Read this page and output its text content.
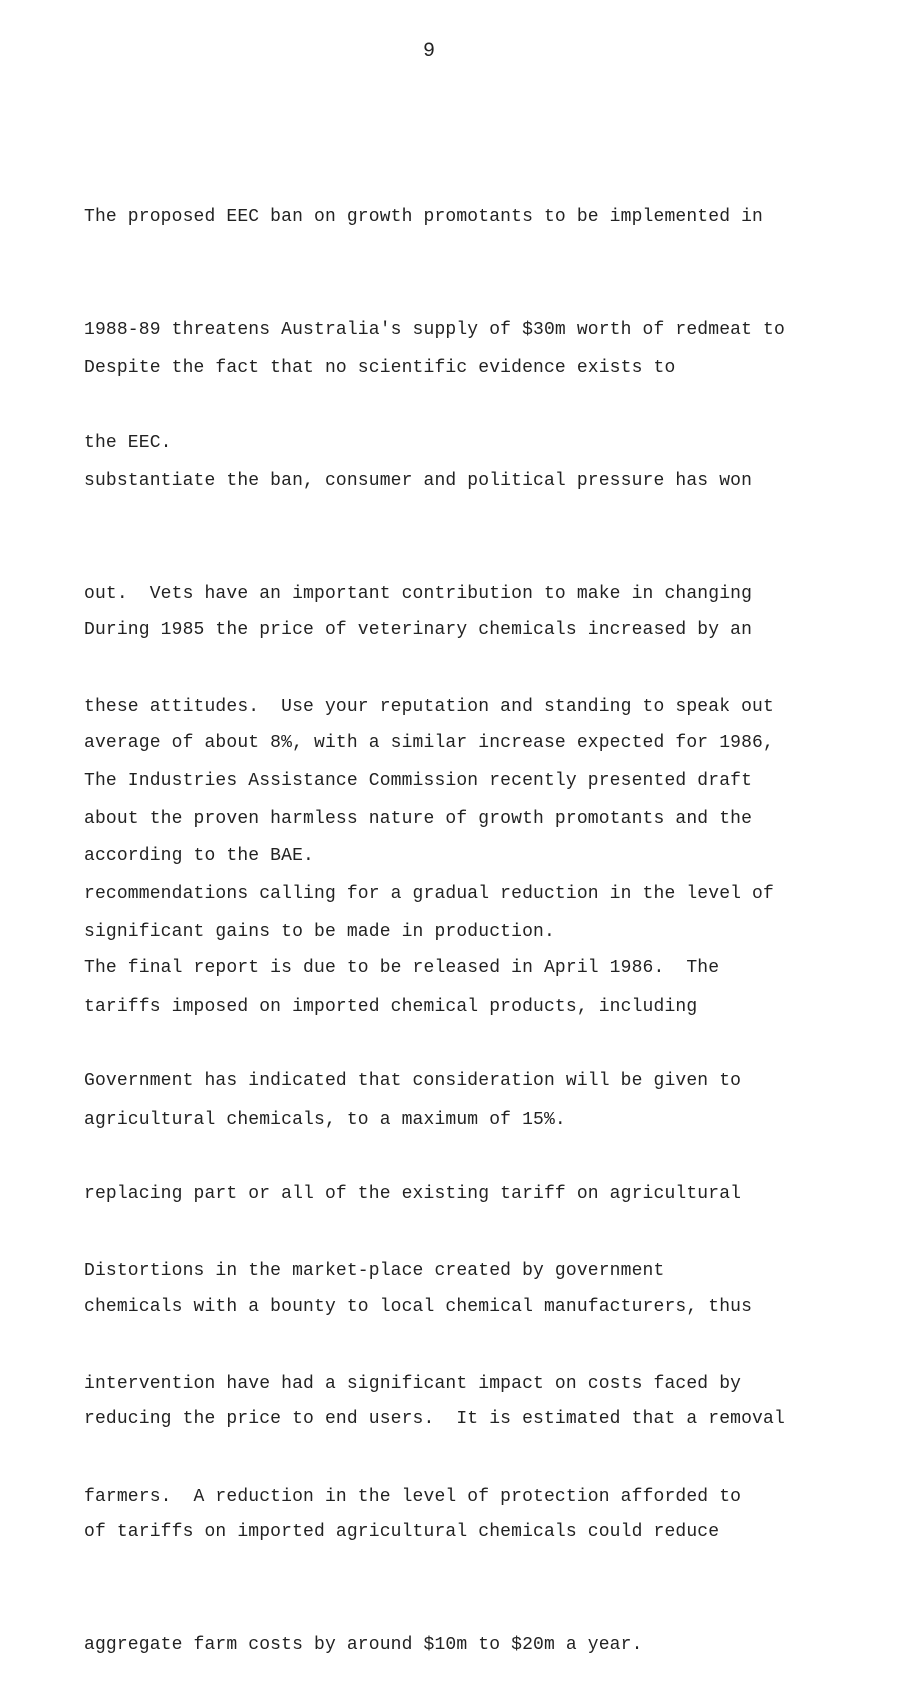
9

The proposed EEC ban on growth promotants to be implemented in

1988-89 threatens Australia's supply of $30m worth of redmeat to

the EEC.

Despite the fact that no scientific evidence exists to

substantiate the ban, consumer and political pressure has won

out.  Vets have an important contribution to make in changing

these attitudes.  Use your reputation and standing to speak out

about the proven harmless nature of growth promotants and the

significant gains to be made in production.

During 1985 the price of veterinary chemicals increased by an

average of about 8%, with a similar increase expected for 1986,

according to the BAE.

The Industries Assistance Commission recently presented draft

recommendations calling for a gradual reduction in the level of

tariffs imposed on imported chemical products, including

agricultural chemicals, to a maximum of 15%.

The final report is due to be released in April 1986.  The

Government has indicated that consideration will be given to

replacing part or all of the existing tariff on agricultural

chemicals with a bounty to local chemical manufacturers, thus

reducing the price to end users.  It is estimated that a removal

of tariffs on imported agricultural chemicals could reduce

aggregate farm costs by around $10m to $20m a year.

Distortions in the market-place created by government

intervention have had a significant impact on costs faced by

farmers.  A reduction in the level of protection afforded to
